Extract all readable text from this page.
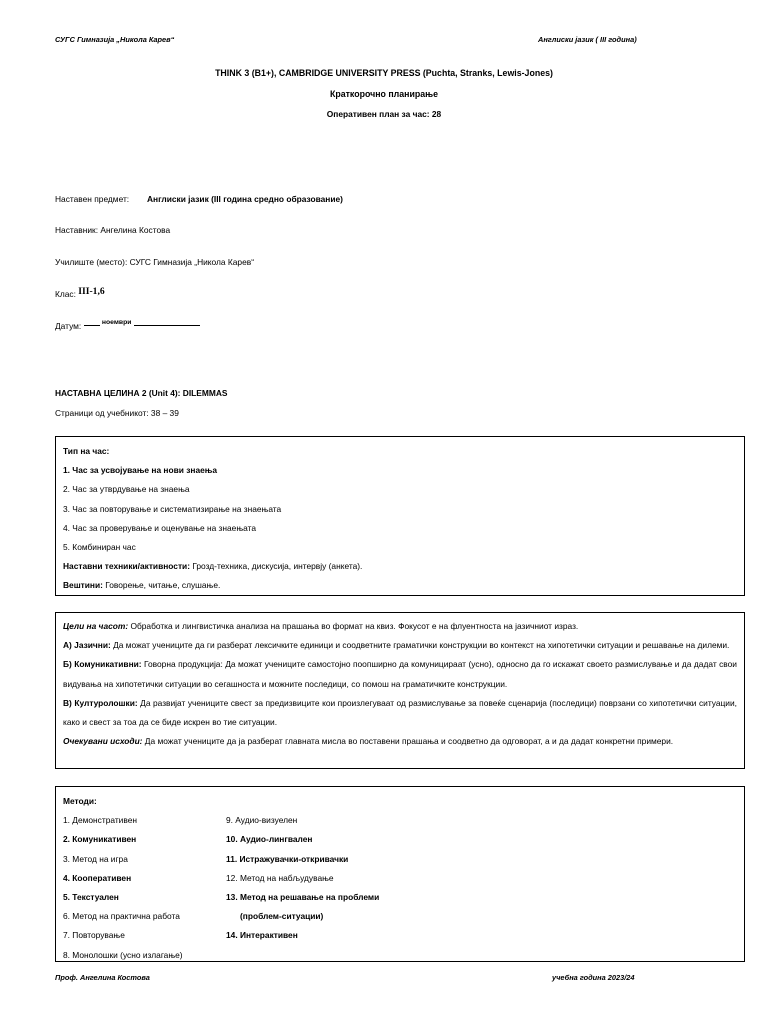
СУГС Гимназија „Никола Карев“	Англиски јазик ( III година)
THINK 3 (B1+), CAMBRIDGE UNIVERSITY PRESS (Puchta, Stranks, Lewis-Jones)
Краткорочно планирање
Оперативен план за час: 28
Наставен предмет: Англиски јазик (III година средно образование)
Наставник: Ангелина Костова
Училиште (место): СУГС Гимназија „Никола Карев“
Клас: III-1,6
Датум:	$^{ноември}$
НАСТАВНА ЦЕЛИНА 2 (Unit 4): DILEMMAS
Страници од учебникот: 38 – 39
Тип на час:
1. Час за усвојување на нови знаења
2. Час за утврдување на знаења
3. Час за повторување и систематизирање на знаењата
4. Час за проверување и оценување на знаењата
5. Комбиниран час
Наставни техники/активности: Грозд-техника, дискусија, интервју (анкета).
Вештини: Говорење, читање, слушање.
Цели на часот: Обработка и лингвистичка анализа на прашања во формат на квиз. Фокусот е на флуентноста на јазичниот израз.
А) Јазични: Да можат учениците да ги разберат лексичките единици и соодветните граматички конструкции во контекст на хипотетички ситуации и решавање на дилеми.
Б) Комуникативни: Говорна продукција: Да можат учениците самостојно поопширно да комуницираат (усно), односно да го искажат своето размислување и да дадат свои видувања на хипотетички ситуации во сегашноста и можните последици, со помош на граматичките конструкции.
В) Културолошки: Да развијат учениците свест за предизвиците кои произлегуваат од размислување за повеќе сценарија (последици) поврзани со хипотетички ситуации, како и свест за тоа да се биде искрен во тие ситуации.
Очекувани исходи: Да можат учениците да ја разберат главната мисла во поставени прашања и соодветно да одговорат, а и да дадат конкретни примери.
Методи:
1. Демонстративен
2. Комуникативен
3. Метод на игра
4. Кооперативен
5. Текстуален
6. Метод на практична работа
7. Повторување
8. Монолошки (усно излагање)
9. Аудио-визуелен
10. Аудио-лингвален
11. Истражувачки-откривачки
12. Метод на набљудување
13. Метод на решавање на проблеми
(проблем-ситуации)
14. Интерактивен
Проф. Ангелина Костова	учебна година 2023/24
